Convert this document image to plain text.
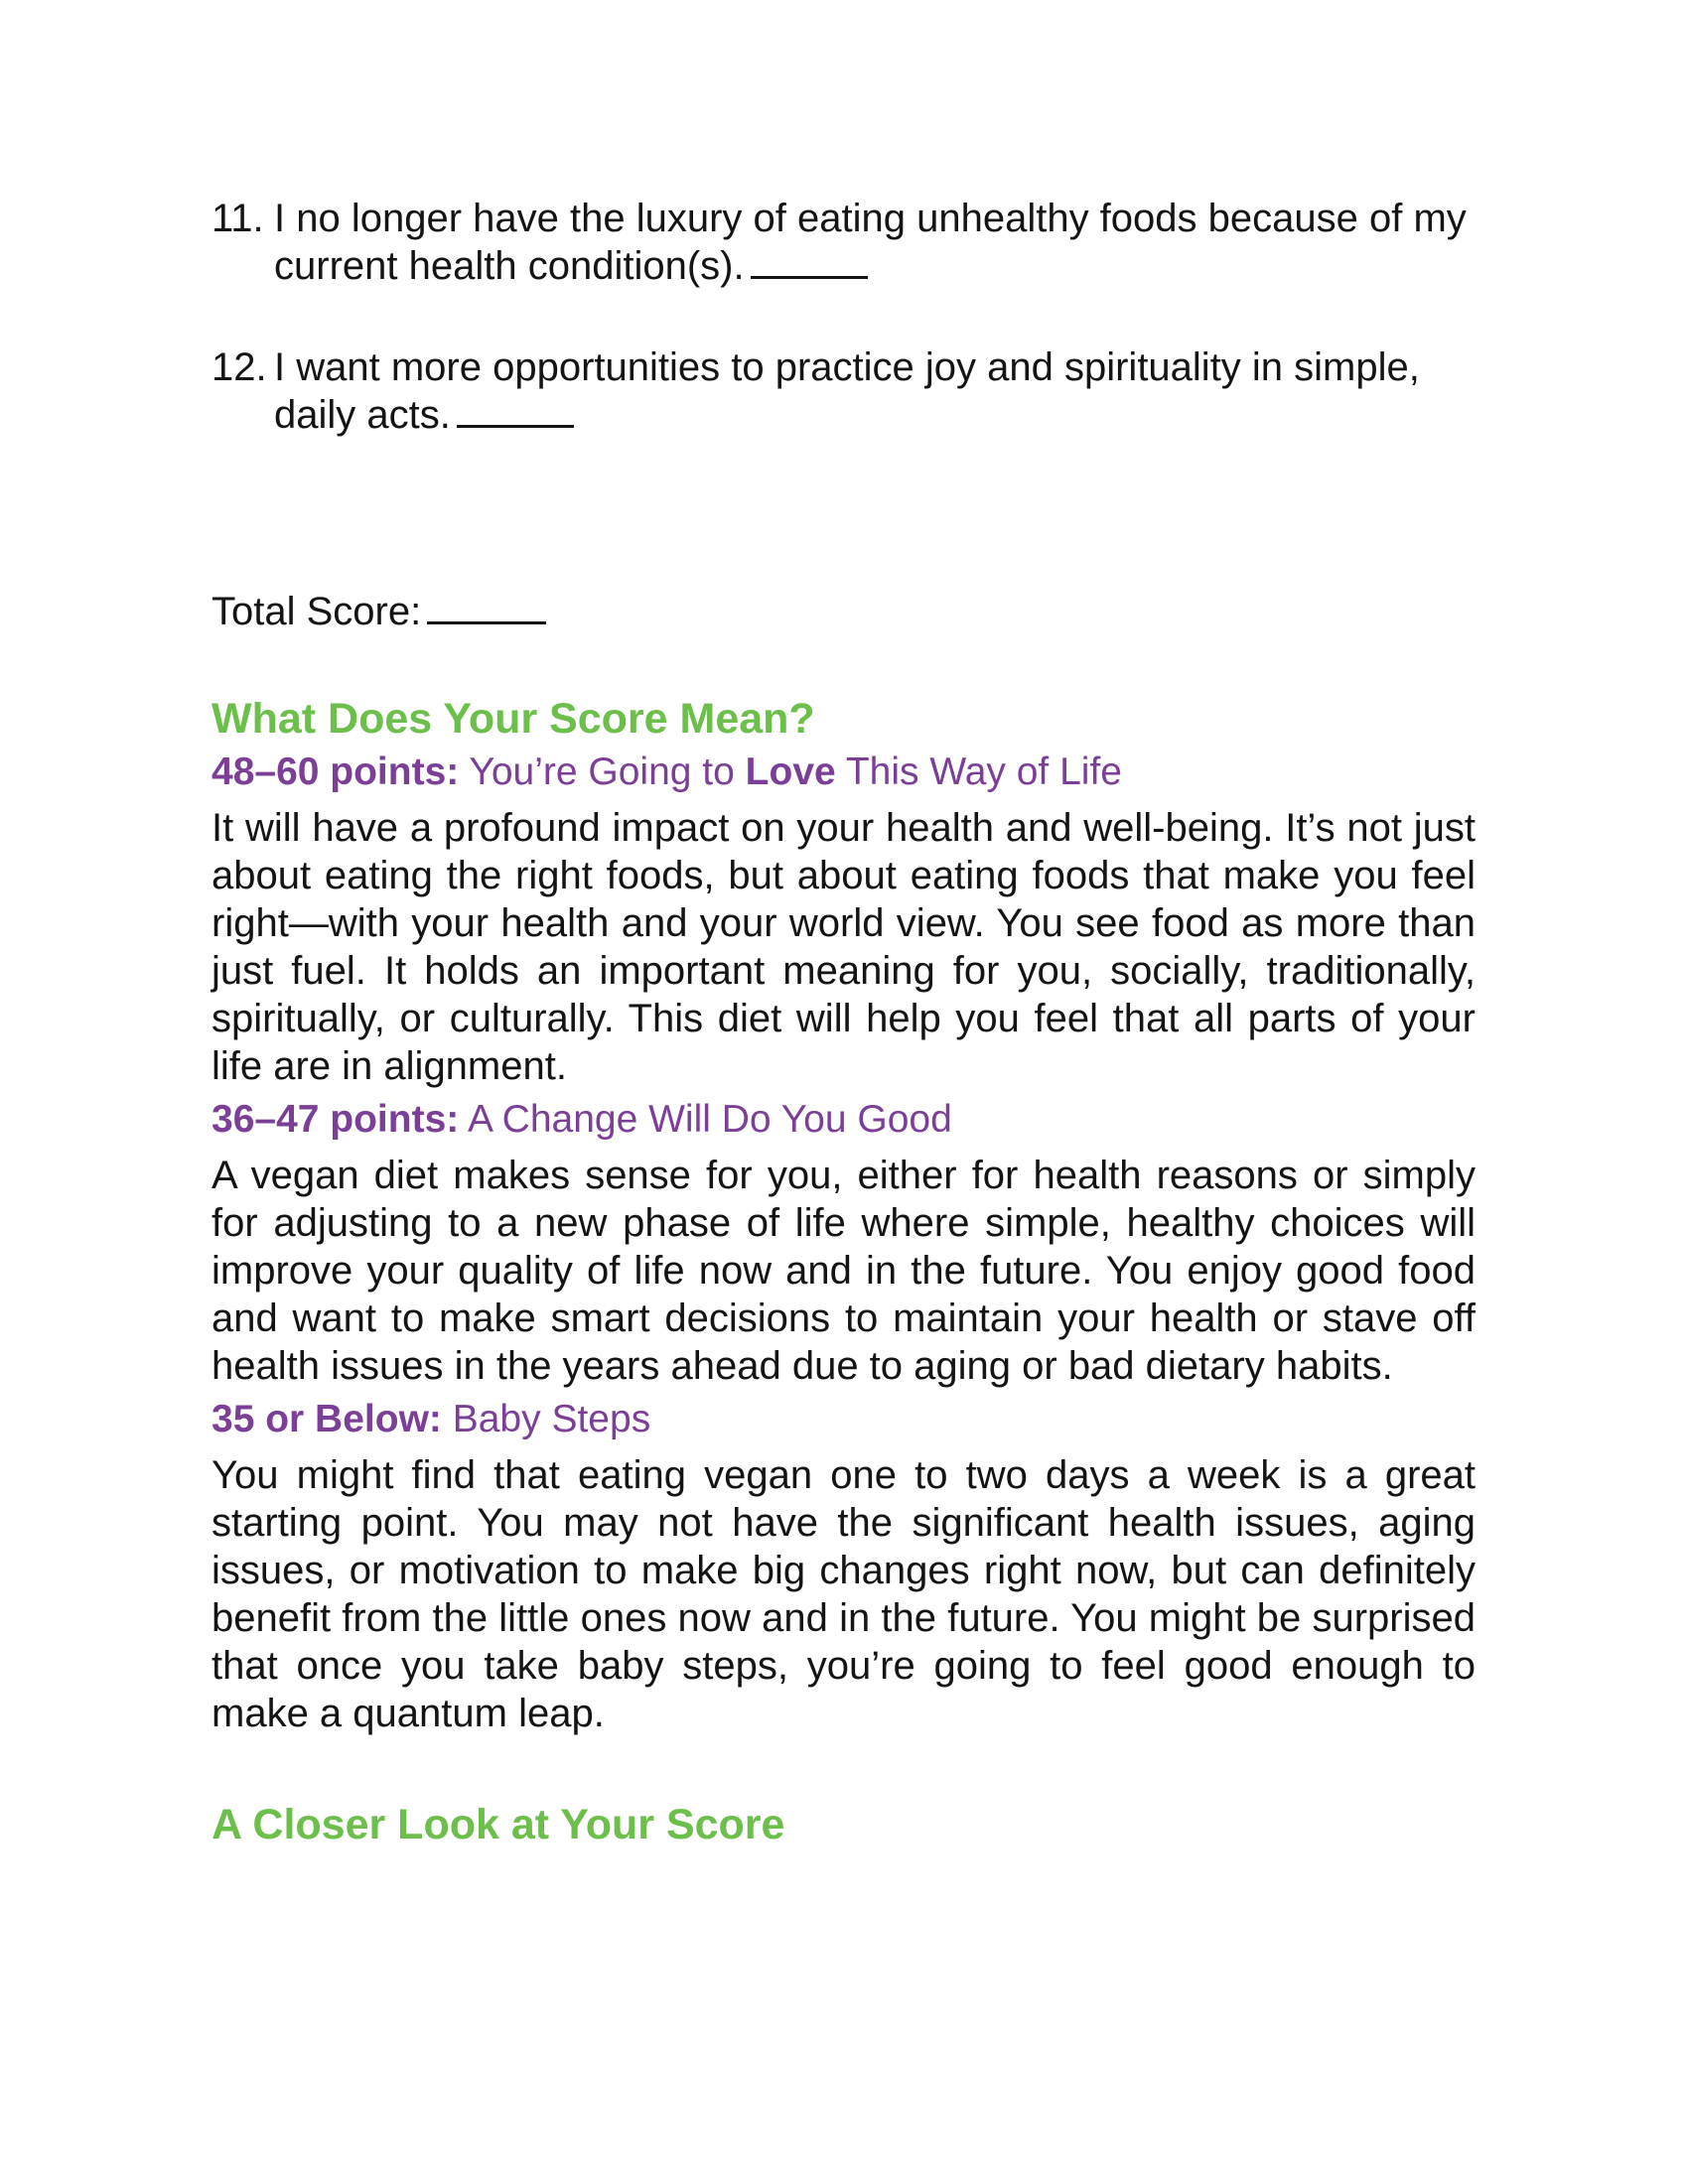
11. I no longer have the luxury of eating unhealthy foods because of my current health condition(s).

12. I want more opportunities to practice joy and spirituality in simple, daily acts.

Total Score:
What Does Your Score Mean?
48–60 points: You’re Going to Love This Way of Life

It will have a profound impact on your health and well-being. It’s not just about eating the right foods, but about eating foods that make you feel right—with your health and your world view. You see food as more than just fuel. It holds an important meaning for you, socially, traditionally, spiritually, or culturally. This diet will help you feel that all parts of your life are in alignment.

36–47 points: A Change Will Do You Good

A vegan diet makes sense for you, either for health reasons or simply for adjusting to a new phase of life where simple, healthy choices will improve your quality of life now and in the future. You enjoy good food and want to make smart decisions to maintain your health or stave off health issues in the years ahead due to aging or bad dietary habits.

35 or Below: Baby Steps

You might find that eating vegan one to two days a week is a great starting point. You may not have the significant health issues, aging issues, or motivation to make big changes right now, but can definitely benefit from the little ones now and in the future. You might be surprised that once you take baby steps, you’re going to feel good enough to make a quantum leap.

A Closer Look at Your Score
